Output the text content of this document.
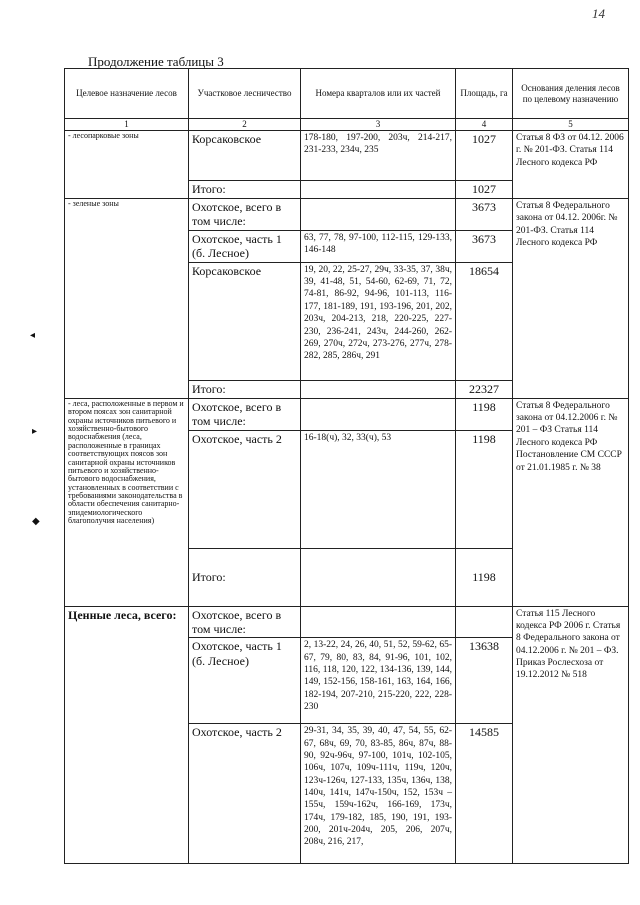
14
Продолжение таблицы 3
◂
▸
◆
Целевое назначение лесов	Участковое лесничество	Номера кварталов или их частей	Площадь, га	Основания деления лесов по целевому назначению
1	2	3	4	5
- лесопарковые зоны	Корсаковское	178-180, 197-200, 203ч, 214-217, 231-233, 234ч, 235	1027	Статья 8 ФЗ от 04.12. 2006 г. № 201-ФЗ. Статья 114 Лесного кодекса РФ
	Итого:		1027	
- зеленые зоны	Охотское, всего в том числе:		3673	Статья 8 Федерального закона от 04.12. 2006г. № 201-ФЗ. Статья 114 Лесного кодекса РФ
	Охотское, часть 1 (б. Лесное)	63, 77, 78, 97-100, 112-115, 129-133, 146-148	3673	
	Корсаковское	19, 20, 22, 25-27, 29ч, 33-35, 37, 38ч, 39, 41-48, 51, 54-60, 62-69, 71, 72, 74-81, 86-92, 94-96, 101-113, 116-177, 181-189, 191, 193-196, 201, 202, 203ч, 204-213, 218, 220-225, 227-230, 236-241, 243ч, 244-260, 262-269, 270ч, 272ч, 273-276, 277ч, 278-282, 285, 286ч, 291	18654	
	Итого:		22327	
- леса, расположенные в первом и втором поясах зон санитарной охраны источников питьевого и хозяйственно-бытового водоснабжения (леса, расположенные в границах соответствующих поясов зон санитарной охраны источников питьевого и хозяйственно-бытового водоснабжения, установленных в соответствии с требованиями законодательства в области обеспечения санитарно-эпидемиологического благополучия населения)	Охотское, всего в том числе:		1198	Статья 8 Федерального закона от 04.12.2006 г. № 201 – ФЗ Статья 114 Лесного кодекса РФ Постановление СМ СССР от 21.01.1985 г. № 38
	Охотское, часть 2	16-18(ч), 32, 33(ч), 53	1198	
	Итого:		1198	
Ценные леса, всего:	Охотское, всего в том числе:			Статья 115 Лесного кодекса РФ 2006 г. Статья 8 Федерального закона от 04.12.2006 г. № 201 – ФЗ. Приказ Рослесхоза от 19.12.2012 № 518
	Охотское, часть 1 (б. Лесное)	2, 13-22, 24, 26, 40, 51, 52, 59-62, 65-67, 79, 80, 83, 84, 91-96, 101, 102, 116, 118, 120, 122, 134-136, 139, 144, 149, 152-156, 158-161, 163, 164, 166, 182-194, 207-210, 215-220, 222, 228-230	13638	
	Охотское, часть 2	29-31, 34, 35, 39, 40, 47, 54, 55, 62-67, 68ч, 69, 70, 83-85, 86ч, 87ч, 88-90, 92ч-96ч, 97-100, 101ч, 102-105, 106ч, 107ч, 109ч-111ч, 119ч, 120ч, 123ч-126ч, 127-133, 135ч, 136ч, 138, 140ч, 141ч, 147ч-150ч, 152, 153ч – 155ч, 159ч-162ч, 166-169, 173ч, 174ч, 179-182, 185, 190, 191, 193-200, 201ч-204ч, 205, 206, 207ч, 208ч, 216, 217,	14585	
